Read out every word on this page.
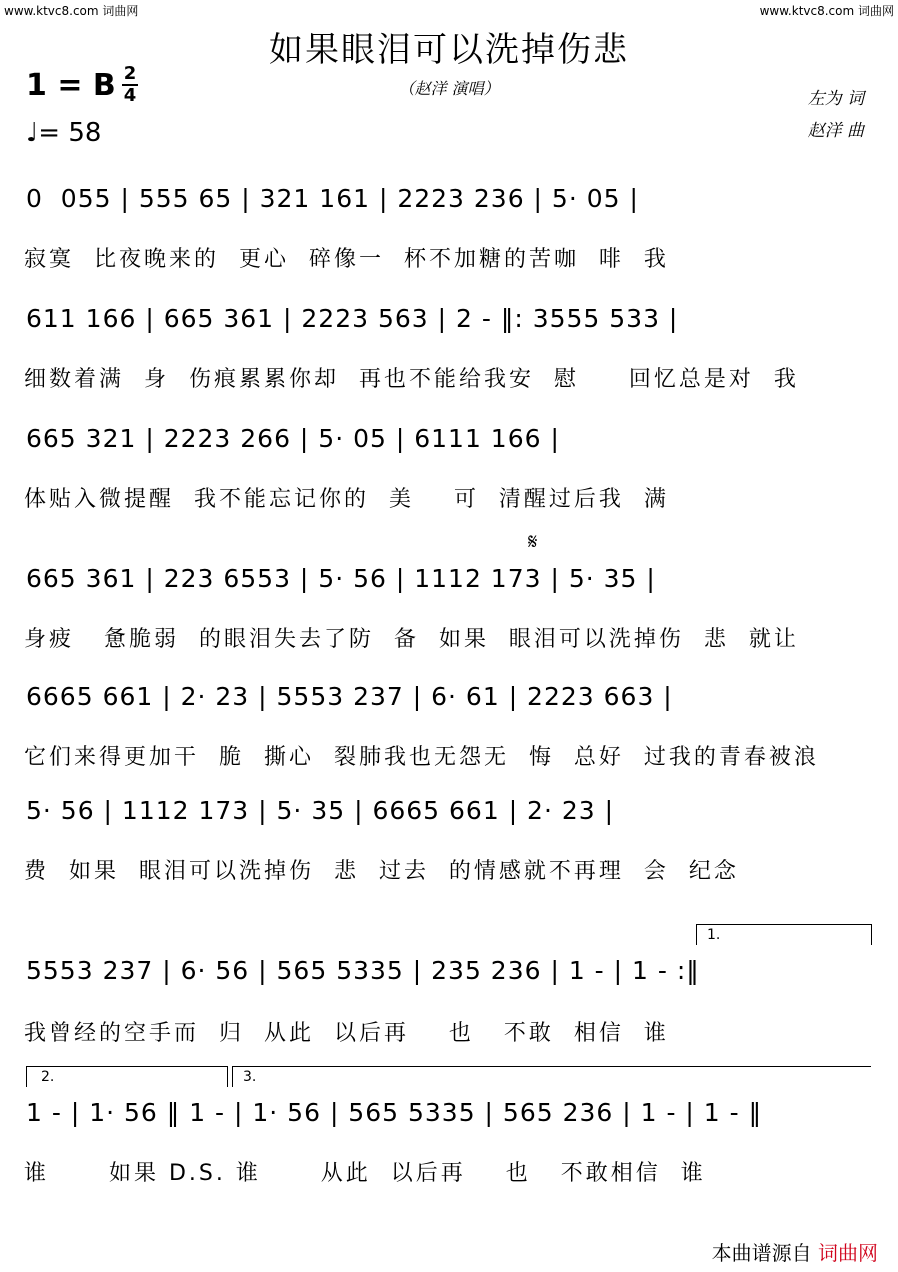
www.ktvc8.com 词曲网	www.ktvc8.com 词曲网
如果眼泪可以洗掉伤悲
（赵洋 演唱）
1 = B 2
4
♩= 58
左为 词
赵洋 曲
0  055 | 555 65 | 321 161 | 2223 236 | 5· 05 |
寂寞  比夜晚来的  更心  碎像一  杯不加糖的苦咖  啡  我
611 166 | 665 361 | 2223 563 | 2 - ‖: 3555 533 |
细数着满  身  伤痕累累你却  再也不能给我安  慰     回忆总是对  我
665 321 | 2223 266 | 5· 05 | 6111 166 |
体贴入微提醒  我不能忘记你的  美    可  清醒过后我  满
𝄋
665 361 | 223 6553 | 5· 56 | 1112 173 | 5· 35 |
身疲   惫脆弱  的眼泪失去了防  备  如果  眼泪可以洗掉伤  悲  就让
6665 661 | 2· 23 | 5553 237 | 6· 61 | 2223 663 |
它们来得更加干  脆  撕心  裂肺我也无怨无  悔  总好  过我的青春被浪
5· 56 | 1112 173 | 5· 35 | 6665 661 | 2· 23 |
费  如果  眼泪可以洗掉伤  悲  过去  的情感就不再理  会  纪念
1.
5553 237 | 6· 56 | 565 5335 | 235 236 | 1 - | 1 - :‖
我曾经的空手而  归  从此  以后再    也   不敢  相信  谁
2.	3.
1 - | 1· 56 ‖ 1 - | 1· 56 | 565 5335 | 565 236 | 1 - | 1 - ‖
谁      如果 D.S. 谁      从此  以后再    也   不敢相信  谁
本曲谱源自 词曲网
